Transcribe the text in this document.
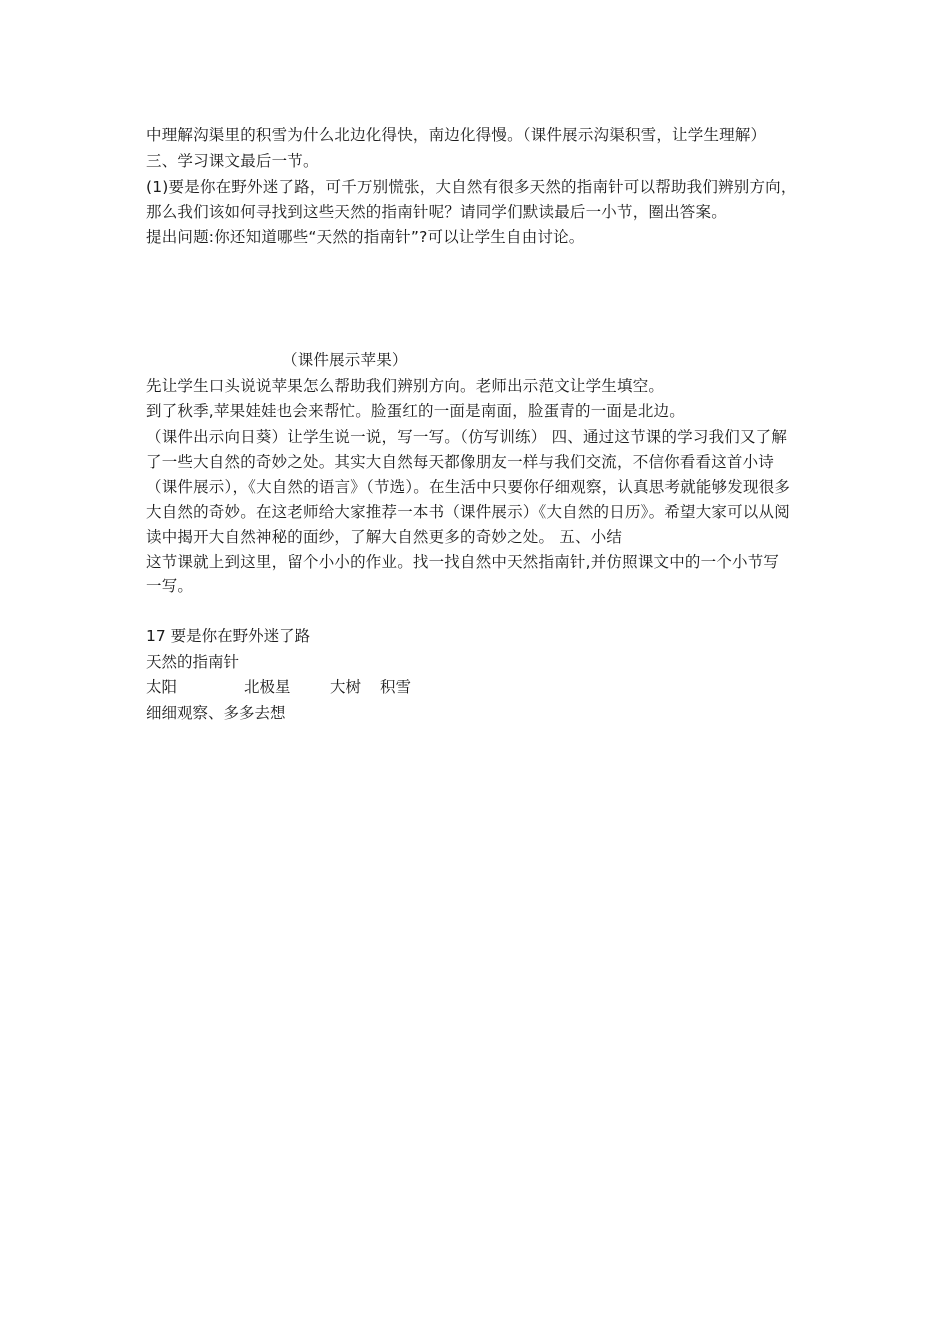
中理解沟渠里的积雪为什么北边化得快，南边化得慢。（课件展示沟渠积雪，让学生理解）
三、学习课文最后一节。
(1)要是你在野外迷了路，可千万别慌张，大自然有很多天然的指南针可以帮助我们辨别方向，
那么我们该如何寻找到这些天然的指南针呢？请同学们默读最后一小节，圈出答案。
提出问题:你还知道哪些“天然的指南针”?可以让学生自由讨论。
（课件展示苹果）
先让学生口头说说苹果怎么帮助我们辨别方向。老师出示范文让学生填空。
到了秋季,苹果娃娃也会来帮忙。脸蛋红的一面是南面，脸蛋青的一面是北边。
（课件出示向日葵）让学生说一说，写一写。（仿写训练） 四、通过这节课的学习我们又了解
了一些大自然的奇妙之处。其实大自然每天都像朋友一样与我们交流，不信你看看这首小诗
（课件展示），《大自然的语言》（节选）。在生活中只要你仔细观察，认真思考就能够发现很多
大自然的奇妙。在这老师给大家推荐一本书（课件展示）《大自然的日历》。希望大家可以从阅
读中揭开大自然神秘的面纱，了解大自然更多的奇妙之处。 五、小结
这节课就上到这里，留个小小的作业。找一找自然中天然指南针,并仿照课文中的一个小节写
一写。
17 要是你在野外迷了路
天然的指南针
太阳	北极星	大树 积雪
细细观察、多多去想
